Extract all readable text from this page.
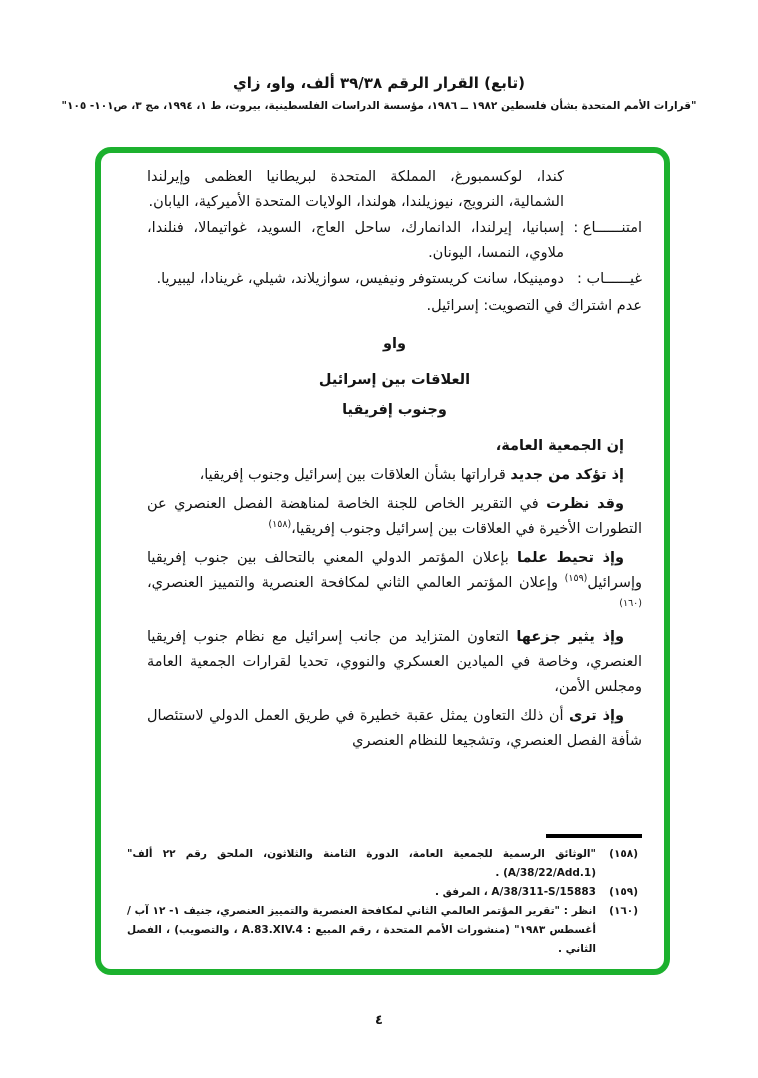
(تابع) القرار الرقم ٣٩/٣٨ ألف، واو، زاي
"قرارات الأمم المتحدة بشأن فلسطين ١٩٨٢ ــ ١٩٨٦، مؤسسة الدراسات الفلسطينية، بيروت، ط ١، ١٩٩٤، مج ٣، ص١٠١- ١٠٥"
كندا، لوكسمبورغ، المملكة المتحدة لبريطانيا العظمى وإيرلندا الشمالية، النرويج، نيوزيلندا، هولندا، الولايات المتحدة الأميركية، اليابان.
امتنــــــاع :
إسبانيا، إيرلندا، الدانمارك، ساحل العاج، السويد، غواتيمالا، فنلندا، ملاوي، النمسا، اليونان.
غيــــــاب :
دومينيكا، سانت كريستوفر ونيفيس، سوازيلاند، شيلي، غرينادا، ليبيريا.
عدم اشتراك في التصويت: إسرائيل.
واو
العلاقات بين إسرائيل
وجنوب إفريقيا
إن الجمعية العامة،

إذ تؤكد من جديد قراراتها بشأن العلاقات بين إسرائيل وجنوب إفريقيا،

وقد نظرت في التقرير الخاص للجنة الخاصة لمناهضة الفصل العنصري عن التطورات الأخيرة في العلاقات بين إسرائيل وجنوب إفريقيا،$^{(١٥٨)}$

وإذ تحيط علما بإعلان المؤتمر الدولي المعني بالتحالف بين جنوب إفريقيا وإسرائيل$^{(١٥٩)}$ وإعلان المؤتمر العالمي الثاني لمكافحة العنصرية والتمييز العنصري،$^{(١٦٠)}$

وإذ يثير جزعها التعاون المتزايد من جانب إسرائيل مع نظام جنوب إفريقيا العنصري، وخاصة في الميادين العسكري والنووي، تحديا لقرارات الجمعية العامة ومجلس الأمن،

وإذ ترى أن ذلك التعاون يمثل عقبة خطيرة في طريق العمل الدولي لاستئصال شأفة الفصل العنصري، وتشجيعا للنظام العنصري

(١٥٨)
"الوثائق الرسمية للجمعية العامة، الدورة الثامنة والثلاثون، الملحق رقم ٢٢ ألف" (A/38/22/Add.1) .
(١٥٩)
A/38/311-S/15883 ، المرفق .
(١٦٠)
انظر : "تقرير المؤتمر العالمي الثاني لمكافحة العنصرية والتمييز العنصري، جنيف ١- ١٢ آب / أغسطس ١٩٨٣" (منشورات الأمم المتحدة ، رقم المبيع : A.83.XIV.4 ، والتصويب) ، الفصل الثاني .
٤
